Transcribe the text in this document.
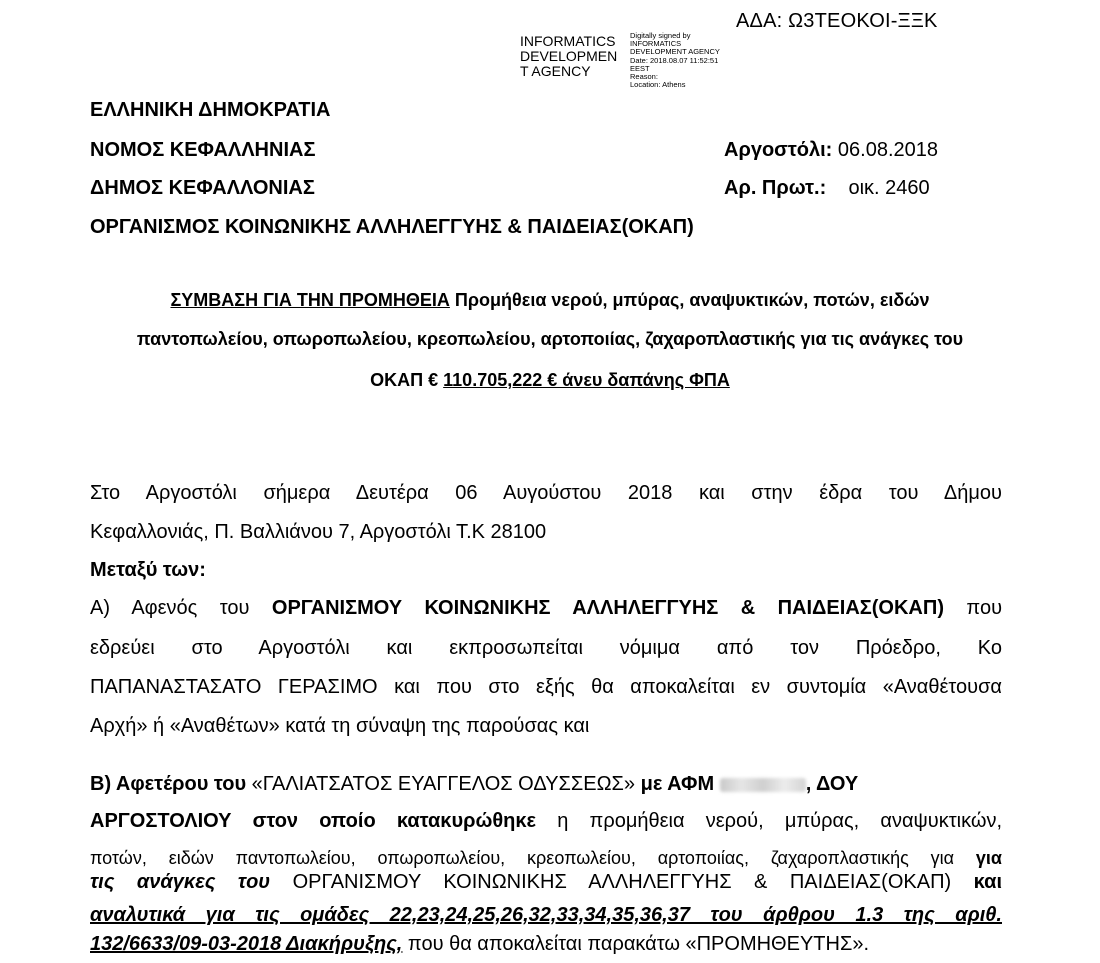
ΑΔΑ: Ω3ΤΕΟΚΟΙ-ΞΞΚ
INFORMATICS DEVELOPMEN T AGENCY
Digitally signed by
INFORMATICS
DEVELOPMENT AGENCY
Date: 2018.08.07 11:52:51
EEST
Reason:
Location: Athens
ΕΛΛΗΝΙΚΗ ΔΗΜΟΚΡΑΤΙΑ
ΝΟΜΟΣ ΚΕΦΑΛΛΗΝΙΑΣ
ΔΗΜΟΣ ΚΕΦΑΛΛΟΝΙΑΣ
ΟΡΓΑΝΙΣΜΟΣ ΚΟΙΝΩΝΙΚΗΣ ΑΛΛΗΛΕΓΓΥΗΣ & ΠΑΙΔΕΙΑΣ(ΟΚΑΠ)
Αργοστόλι: 06.08.2018
Αρ. Πρωτ.: οικ. 2460
ΣΥΜΒΑΣΗ ΓΙΑ ΤΗΝ ΠΡΟΜΗΘΕΙΑ Προμήθεια νερού, μπύρας, αναψυκτικών, ποτών, ειδών
παντοπωλείου, οπωροπωλείου, κρεοπωλείου, αρτοποιίας, ζαχαροπλαστικής για τις ανάγκες του
ΟΚΑΠ € 110.705,222 € άνευ δαπάνης ΦΠΑ
Στο Αργοστόλι σήμερα Δευτέρα 06 Αυγούστου 2018 και στην έδρα του Δήμου
Κεφαλλονιάς, Π. Βαλλιάνου 7, Αργοστόλι Τ.Κ 28100
Μεταξύ των:
Α) Αφενός του ΟΡΓΑΝΙΣΜΟΥ ΚΟΙΝΩΝΙΚΗΣ ΑΛΛΗΛΕΓΓΥΗΣ & ΠΑΙΔΕΙΑΣ(ΟΚΑΠ) που
εδρεύει στο Αργοστόλι και εκπροσωπείται νόμιμα από τον Πρόεδρο, Κο
ΠΑΠΑΝΑΣΤΑΣΑΤΟ ΓΕΡΑΣΙΜΟ και που στο εξής θα αποκαλείται εν συντομία «Αναθέτουσα
Αρχή» ή «Αναθέτων» κατά τη σύναψη της παρούσας και
Β) Αφετέρου του «ΓΑΛΙΑΤΣΑΤΟΣ ΕΥΑΓΓΕΛΟΣ ΟΔΥΣΣΕΩΣ» με ΑΦΜ	, ΔΟΥ
ΑΡΓΟΣΤΟΛΙΟΥ στον οποίο κατακυρώθηκε η προμήθεια νερού, μπύρας, αναψυκτικών,
ποτών, ειδών παντοπωλείου, οπωροπωλείου, κρεοπωλείου, αρτοποιίας, ζαχαροπλαστικής για για
τις ανάγκες του ΟΡΓΑΝΙΣΜΟΥ ΚΟΙΝΩΝΙΚΗΣ ΑΛΛΗΛΕΓΓΥΗΣ & ΠΑΙΔΕΙΑΣ(ΟΚΑΠ) και
αναλυτικά για τις ομάδες 22,23,24,25,26,32,33,34,35,36,37 του άρθρου 1.3 της αριθ.
132/6633/09-03-2018 Διακήρυξης, που θα αποκαλείται παρακάτω «ΠΡΟΜΗΘΕΥΤΗΣ».
